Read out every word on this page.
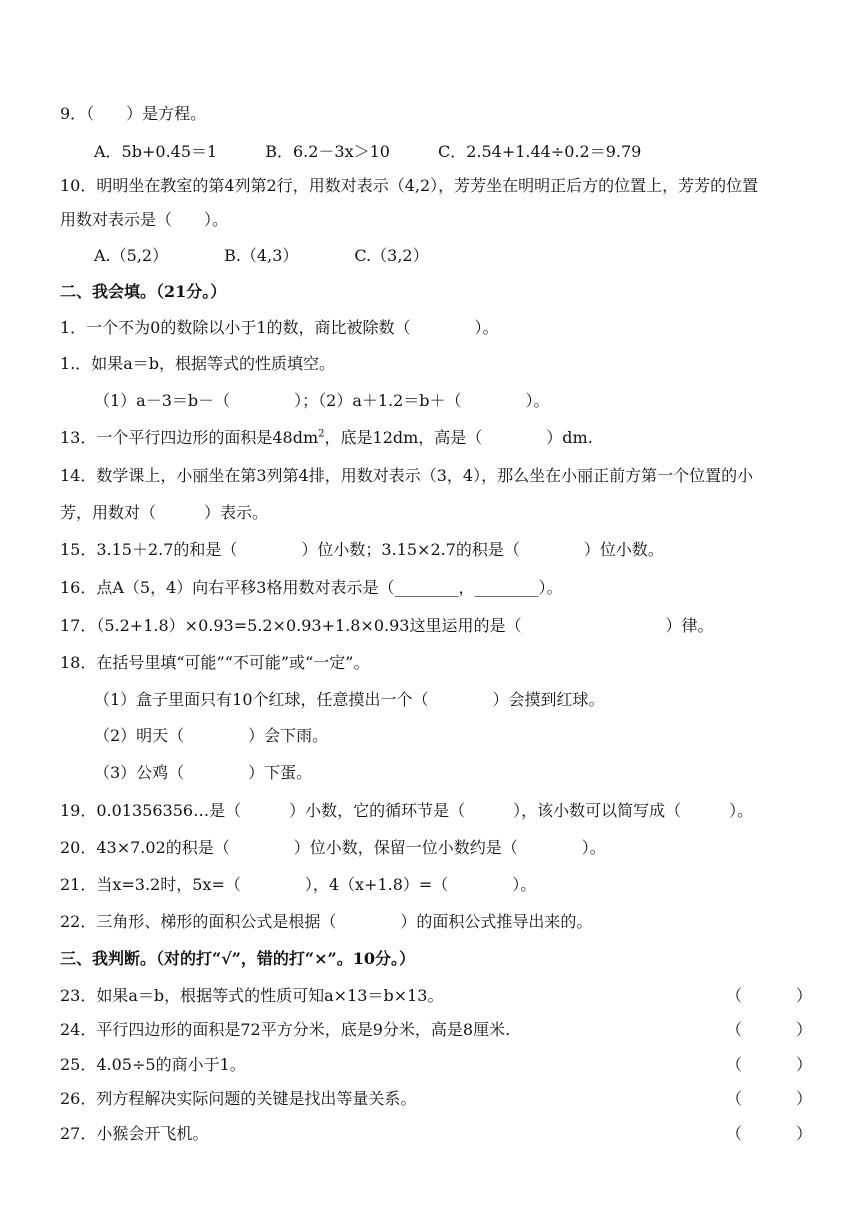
9．（　　）是方程。
A．5b+0.45＝1　　　B．6.2－3x＞10　　　C．2.54+1.44÷0.2＝9.79
10．明明坐在教室的第4列第2行，用数对表示（4,2），芳芳坐在明明正后方的位置上，芳芳的位置
用数对表示是（　　）。
A.（5,2）　　　　B.（4,3）　　　　C.（3,2）
二、我会填。（21分。）
1．一个不为0的数除以小于1的数，商比被除数（　　　　）。
1.．如果a＝b，根据等式的性质填空。
（1）a－3＝b－（　　　　）；（2）a＋1.2＝b＋（　　　　）。
13．一个平行四边形的面积是$48dm^2$，底是12dm，高是（　　　　）dm.
14．数学课上，小丽坐在第3列第4排，用数对表示（3，4），那么坐在小丽正前方第一个位置的小
芳，用数对（　　　）表示。
15．3.15＋2.7的和是（　　　　）位小数；3.15×2.7的积是（　　　　）位小数。
16．点A（5，4）向右平移3格用数对表示是（________，________）。
17．（5.2+1.8）×0.93=5.2×0.93+1.8×0.93这里运用的是（　　　　　　　　　）律。
18．在括号里填“可能”“不可能”或“一定”。
（1）盒子里面只有10个红球，任意摸出一个（　　　　）会摸到红球。
（2）明天（　　　　）会下雨。
（3）公鸡（　　　　）下蛋。
19．0.01356356…是（　　　）小数，它的循环节是（　　　），该小数可以简写成（　　　）。
20．43×7.02的积是（　　　　）位小数，保留一位小数约是（　　　　）。
21．当x=3.2时，5x=（　　　　），4（x+1.8）=（　　　　）。
22．三角形、梯形的面积公式是根据（　　　　）的面积公式推导出来的。
三、我判断。（对的打“√”，错的打“×”。10分。）
23．如果a＝b，根据等式的性质可知a×13＝b×13。	（	）
24．平行四边形的面积是72平方分米，底是9分米，高是8厘米.	（	）
25．4.05÷5的商小于1。	（	）
26．列方程解决实际问题的关键是找出等量关系。	（	）
27．小猴会开飞机。	（	）
